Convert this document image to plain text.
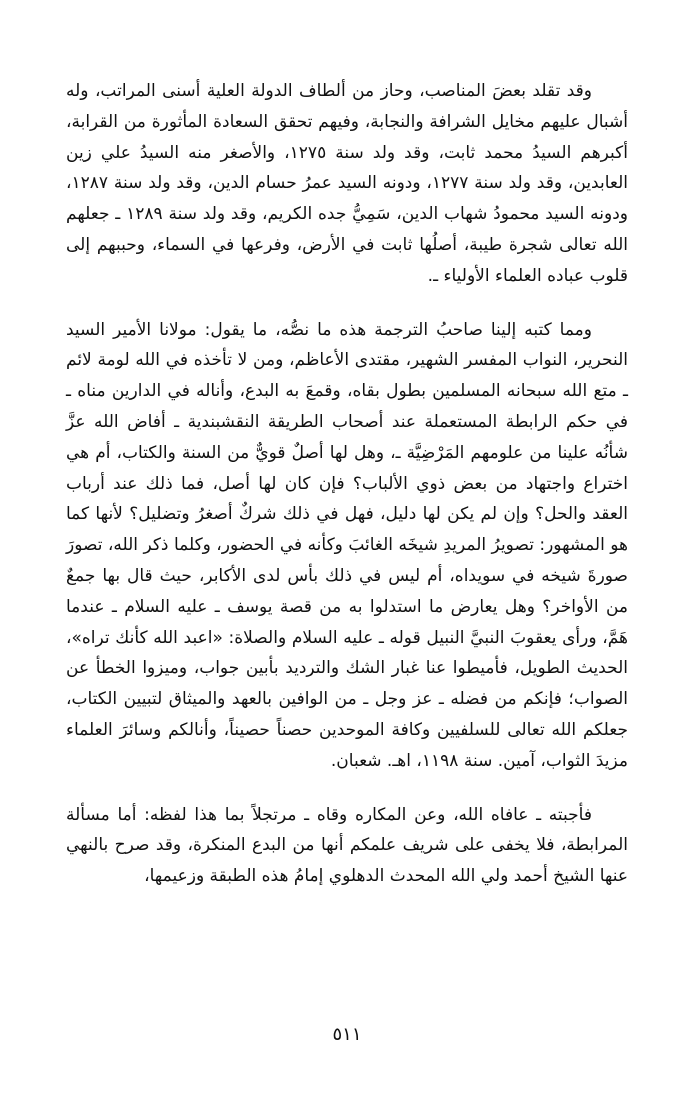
وقد تقلد بعضَ المناصب، وحاز من ألطاف الدولة العلية أسنى المراتب، وله أشبال عليهم مخايل الشرافة والنجابة، وفيهم تحقق السعادة المأثورة من القرابة، أكبرهم السيدُ محمد ثابت، وقد ولد سنة ١٢٧٥، والأصغر منه السيدُ علي زين العابدين، وقد ولد سنة ١٢٧٧، ودونه السيد عمرُ حسام الدين، وقد ولد سنة ١٢٨٧، ودونه السيد محمودُ شهاب الدين، سَمِيُّ جده الكريم، وقد ولد سنة ١٢٨٩ ـ جعلهم الله تعالى شجرة طيبة، أصلُها ثابت في الأرض، وفرعها في السماء، وحببهم إلى قلوب عباده العلماء الأولياء ـ.

ومما كتبه إلينا صاحبُ الترجمة هذه ما نصُّه، ما يقول: مولانا الأمير السيد النحرير، النواب المفسر الشهير، مقتدى الأعاظم، ومن لا تأخذه في الله لومة لائم ـ متع الله سبحانه المسلمين بطول بقاه، وقمعَ به البدع، وأناله في الدارين مناه ـ في حكم الرابطة المستعملة عند أصحاب الطريقة النقشبندية ـ أفاض الله عزَّ شأنُه علينا من علومهم المَرْضِيَّة ـ، وهل لها أصلٌ قويٌّ من السنة والكتاب، أم هي اختراع واجتهاد من بعض ذوي الألباب؟ فإن كان لها أصل، فما ذلك عند أرباب العقد والحل؟ وإن لم يكن لها دليل، فهل في ذلك شركٌ أصغرُ وتضليل؟ لأنها كما هو المشهور: تصويرُ المريدِ شيخَه الغائبَ وكأنه في الحضور، وكلما ذكر الله، تصورَ صورةَ شيخه في سويداه، أم ليس في ذلك بأس لدى الأكابر، حيث قال بها جمعٌ من الأواخر؟ وهل يعارض ما استدلوا به من قصة يوسف ـ عليه السلام ـ عندما هَمَّ، ورأى يعقوبَ النبيَّ النبيل قوله ـ عليه السلام والصلاة: «اعبد الله كأنك تراه»، الحديث الطويل، فأميطوا عنا غبار الشك والترديد بأبين جواب، وميزوا الخطأ عن الصواب؛ فإنكم من فضله ـ عز وجل ـ من الوافين بالعهد والميثاق لتبيين الكتاب، جعلكم الله تعالى للسلفيين وكافة الموحدين حصناً حصيناً، وأنالكم وسائرَ العلماء مزيدَ الثواب، آمين. سنة ١١٩٨، اهـ. شعبان.

فأجبته ـ عافاه الله، وعن المكاره وقاه ـ مرتجلاً بما هذا لفظه: أما مسألة المرابطة، فلا يخفى على شريف علمكم أنها من البدع المنكرة، وقد صرح بالنهي عنها الشيخ أحمد ولي الله المحدث الدهلوي إمامُ هذه الطبقة وزعيمها،

٥١١
